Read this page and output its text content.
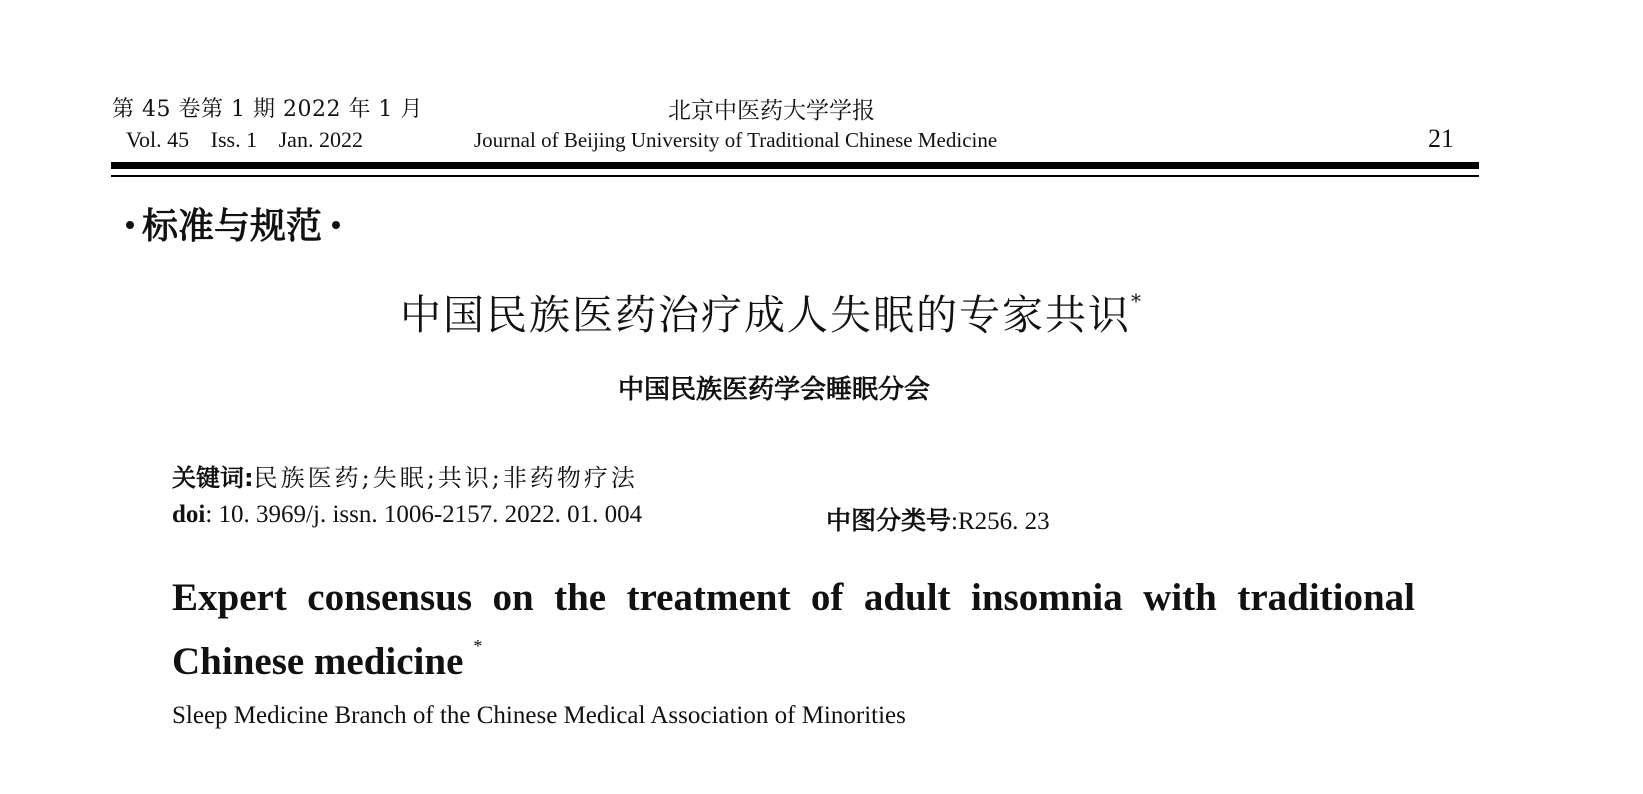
第 45 卷第 1 期 2022 年 1 月
Vol. 45 Iss. 1 Jan. 2022
北京中医药大学学报
Journal of Beijing University of Traditional Chinese Medicine	21
标准与规范
中国民族医药治疗成人失眠的专家共识*
中国民族医药学会睡眠分会
关键词:民族医药;失眠;共识;非药物疗法
doi: 10. 3969/j. issn. 1006-2157. 2022. 01. 004	中图分类号:R256. 23
Expert consensus on the treatment of adult insomnia with traditional Chinese medicine *
Sleep Medicine Branch of the Chinese Medical Association of Minorities
